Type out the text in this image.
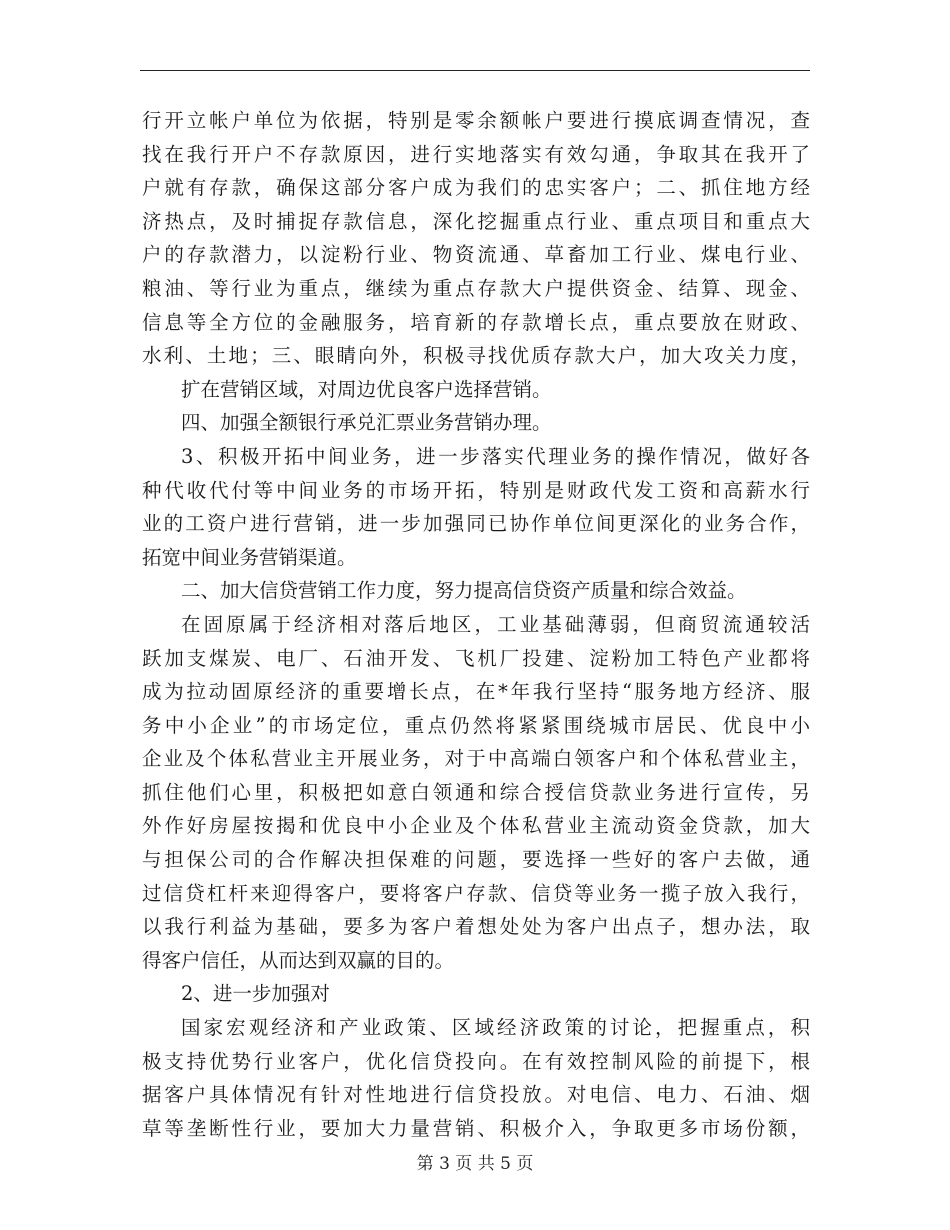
行开立帐户单位为依据，特别是零余额帐户要进行摸底调查情况，查
找在我行开户不存款原因，进行实地落实有效勾通，争取其在我开了
户就有存款，确保这部分客户成为我们的忠实客户；二、抓住地方经
济热点，及时捕捉存款信息，深化挖掘重点行业、重点项目和重点大
户的存款潜力，以淀粉行业、物资流通、草畜加工行业、煤电行业、
粮油、等行业为重点，继续为重点存款大户提供资金、结算、现金、
信息等全方位的金融服务，培育新的存款增长点，重点要放在财政、
水利、土地；三、眼睛向外，积极寻找优质存款大户，加大攻关力度，
扩在营销区域，对周边优良客户选择营销。
四、加强全额银行承兑汇票业务营销办理。
3、积极开拓中间业务，进一步落实代理业务的操作情况，做好各
种代收代付等中间业务的市场开拓，特别是财政代发工资和高薪水行
业的工资户进行营销，进一步加强同已协作单位间更深化的业务合作，
拓宽中间业务营销渠道。
二、加大信贷营销工作力度，努力提高信贷资产质量和综合效益。
在固原属于经济相对落后地区，工业基础薄弱，但商贸流通较活
跃加支煤炭、电厂、石油开发、飞机厂投建、淀粉加工特色产业都将
成为拉动固原经济的重要增长点，在*年我行坚持“服务地方经济、服
务中小企业”的市场定位，重点仍然将紧紧围绕城市居民、优良中小
企业及个体私营业主开展业务，对于中高端白领客户和个体私营业主，
抓住他们心里，积极把如意白领通和综合授信贷款业务进行宣传，另
外作好房屋按揭和优良中小企业及个体私营业主流动资金贷款，加大
与担保公司的合作解决担保难的问题，要选择一些好的客户去做，通
过信贷杠杆来迎得客户，要将客户存款、信贷等业务一揽子放入我行，
以我行利益为基础，要多为客户着想处处为客户出点子，想办法，取
得客户信任，从而达到双赢的目的。
2、进一步加强对
国家宏观经济和产业政策、区域经济政策的讨论，把握重点，积
极支持优势行业客户，优化信贷投向。在有效控制风险的前提下，根
据客户具体情况有针对性地进行信贷投放。对电信、电力、石油、烟
草等垄断性行业，要加大力量营销、积极介入，争取更多市场份额，
第 3 页 共 5 页
